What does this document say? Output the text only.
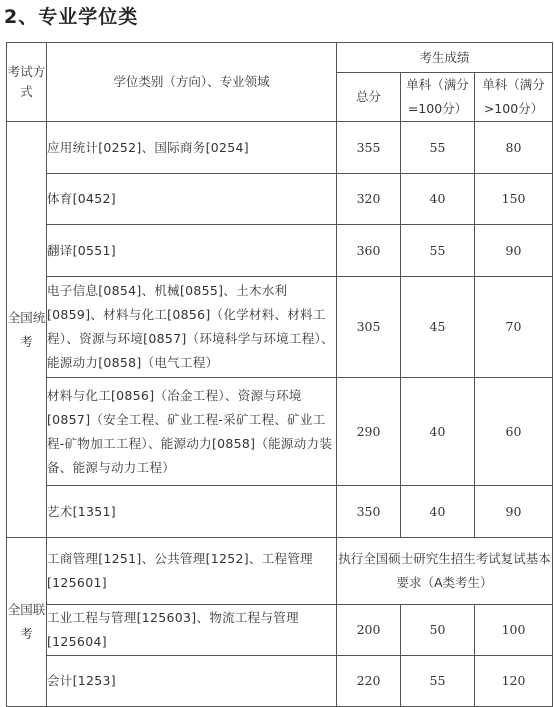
2、专业学位类
考试方式	学位类别（方向）、专业领域	考生成绩		
		总分	单科（满分=100分）	单科（满分>100分）
全国统考	应用统计[0252]、国际商务[0254]	355	55	80
	体育[0452]	320	40	150
	翻译[0551]	360	55	90
	电子信息[0854]、机械[0855]、土木水利[0859]、材料与化工[0856]（化学材料、材料工程）、资源与环境[0857]（环境科学与环境工程）、能源动力[0858]（电气工程）	305	45	70
	材料与化工[0856]（冶金工程）、资源与环境[0857]（安全工程、矿业工程-采矿工程、矿业工程-矿物加工工程）、能源动力[0858]（能源动力装备、能源与动力工程）	290	40	60
	艺术[1351]	350	40	90
全国联考	工商管理[1251]、公共管理[1252]、工程管理[125601]	执行全国硕士研究生招生考试复试基本要求（A类考生）		
	工业工程与管理[125603]、物流工程与管理[125604]	200	50	100
	会计[1253]	220	55	120
